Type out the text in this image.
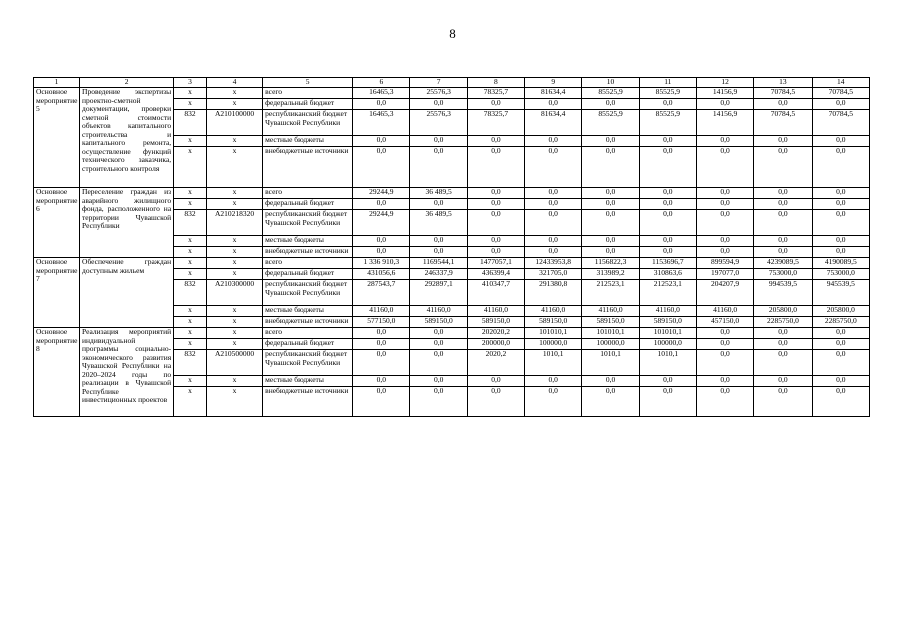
8
1	2	3	4	5	6	7	8	9	10	11	12	13	14
Основное мероприятие 5	Проведение экспертизы проектно-сметной документации, проверки сметной стоимости объектов капитального строительства и капитального ремонта, осуществление функций технического заказчика, строительного контроля	x	x	всего	16465,3	25576,3	78325,7	81634,4	85525,9	85525,9	14156,9	70784,5	70784,5
		x	x	федеральный бюджет	0,0	0,0	0,0	0,0	0,0	0,0	0,0	0,0	0,0
		832	А210100000	республиканский бюджет Чувашской Республики	16465,3	25576,3	78325,7	81634,4	85525,9	85525,9	14156,9	70784,5	70784,5
		x	x	местные бюджеты	0,0	0,0	0,0	0,0	0,0	0,0	0,0	0,0	0,0
		x	x	внебюджетные источники	0,0	0,0	0,0	0,0	0,0	0,0	0,0	0,0	0,0
Основное мероприятие 6	Переселение граждан из аварийного жилищного фонда, расположенного на территории Чувашской Республики	x	x	всего	29244,9	36 489,5	0,0	0,0	0,0	0,0	0,0	0,0	0,0
		x	x	федеральный бюджет	0,0	0,0	0,0	0,0	0,0	0,0	0,0	0,0	0,0
		832	А210218320	республиканский бюджет Чувашской Республики	29244,9	36 489,5	0,0	0,0	0,0	0,0	0,0	0,0	0,0
		x	x	местные бюджеты	0,0	0,0	0,0	0,0	0,0	0,0	0,0	0,0	0,0
		x	x	внебюджетные источники	0,0	0,0	0,0	0,0	0,0	0,0	0,0	0,0	0,0
Основное мероприятие 7	Обеспечение граждан доступным жильем	x	x	всего	1 336 910,3	1169544,1	1477057,1	12433953,8	1156822,3	1153696,7	899594,9	4239089,5	4190089,5
		x	x	федеральный бюджет	431056,6	246337,9	436399,4	321705,0	313989,2	310863,6	197077,0	753000,0	753000,0
		832	А210300000	республиканский бюджет Чувашской Республики	287543,7	292897,1	410347,7	291380,8	212523,1	212523,1	204207,9	994539,5	945539,5
		x	x	местные бюджеты	41160,0	41160,0	41160,0	41160,0	41160,0	41160,0	41160,0	205800,0	205800,0
		x	x	внебюджетные источники	577150,0	589150,0	589150,0	589150,0	589150,0	589150,0	457150,0	2285750,0	2285750,0
Основное мероприятие 8	Реализация мероприятий индивидуальной программы социально-экономического развития Чувашской Республики на 2020–2024 годы по реализации в Чувашской Республике инвестиционных проектов	x	x	всего	0,0	0,0	202020,2	101010,1	101010,1	101010,1	0,0	0,0	0,0
		x	x	федеральный бюджет	0,0	0,0	200000,0	100000,0	100000,0	100000,0	0,0	0,0	0,0
		832	А210500000	республиканский бюджет Чувашской Республики	0,0	0,0	2020,2	1010,1	1010,1	1010,1	0,0	0,0	0,0
		x	x	местные бюджеты	0,0	0,0	0,0	0,0	0,0	0,0	0,0	0,0	0,0
		x	x	внебюджетные источники	0,0	0,0	0,0	0,0	0,0	0,0	0,0	0,0	0,0
